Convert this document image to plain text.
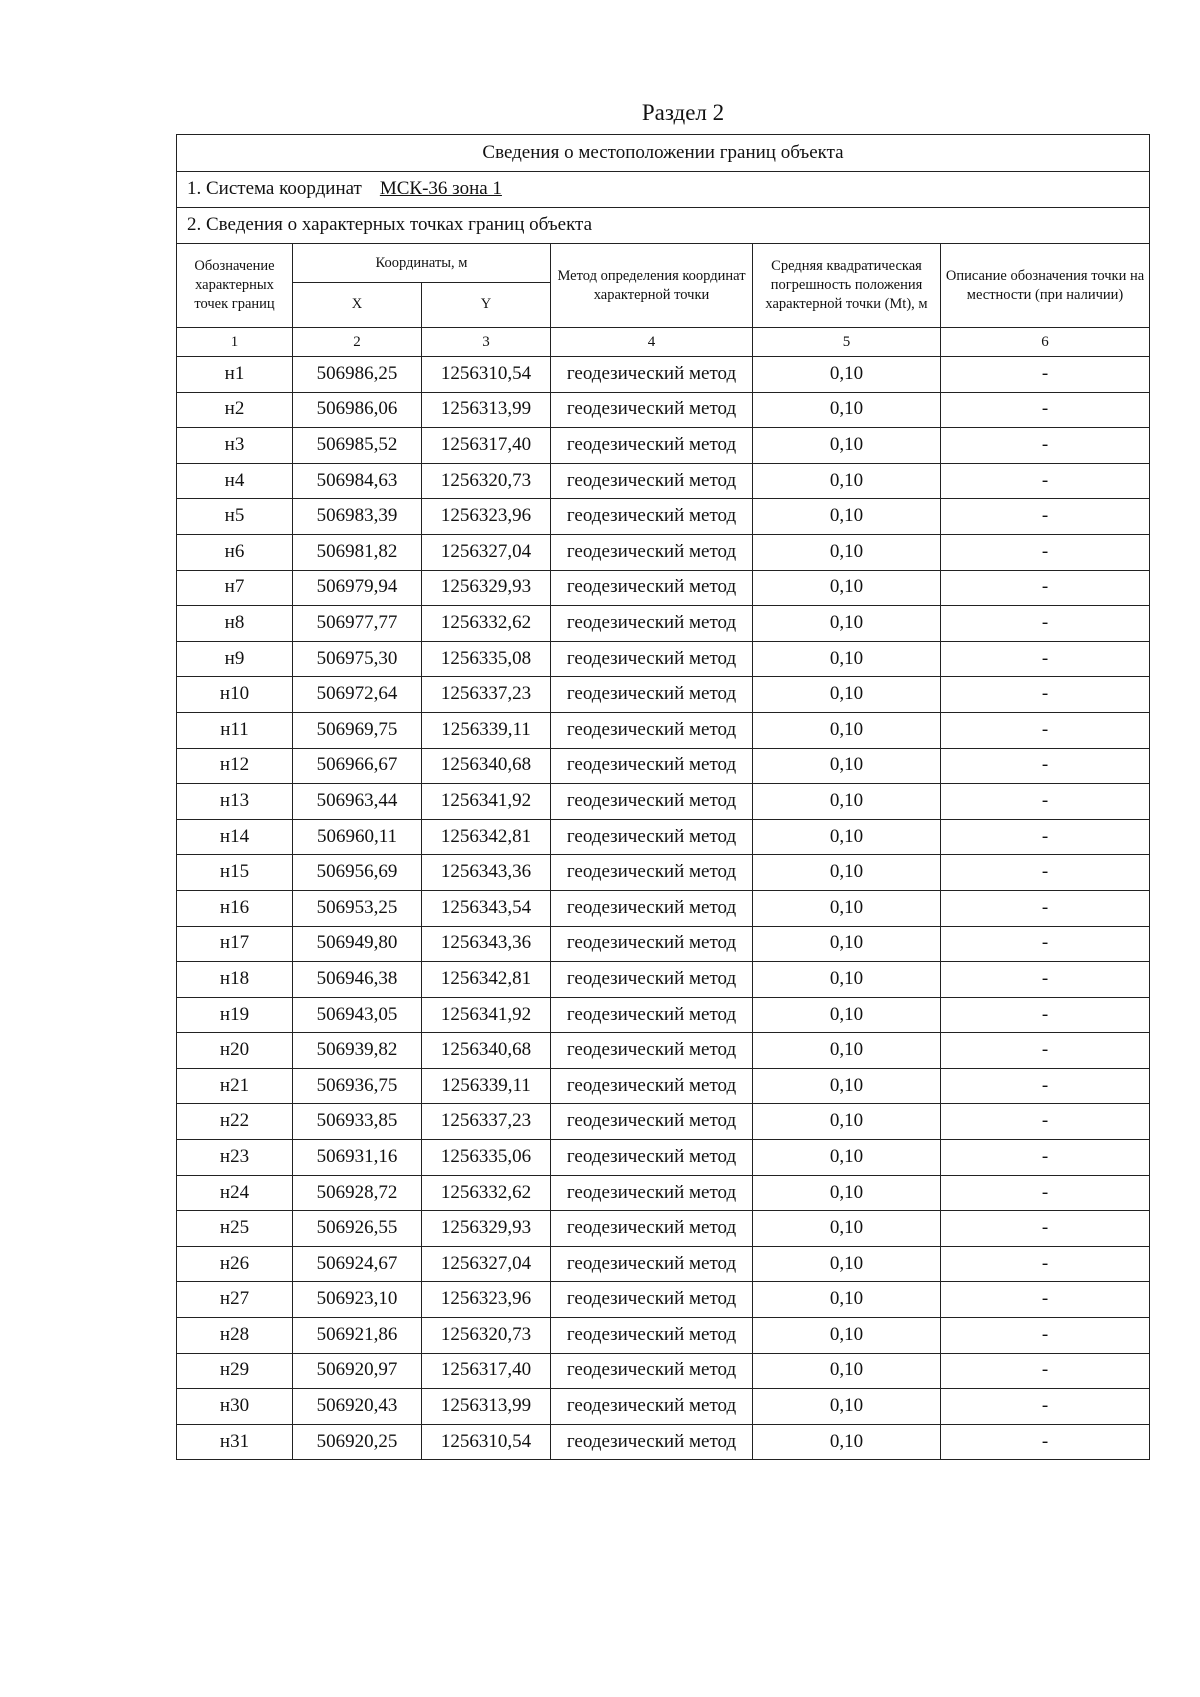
Раздел 2
Сведения о местоположении границ объекта					
1. Система координат МСК-36 зона 1					
2. Сведения о характерных точках границ объекта					
Обозначение характерных точек границ	Координаты, м		Метод определения координат характерной точки	Средняя квадратическая погрешность положения характерной точки (Mt), м	Описание обозначения точки на местности (при наличии)
	X	Y			
1	2	3	4	5	6
н1	506986,25	1256310,54	геодезический метод	0,10	-
н2	506986,06	1256313,99	геодезический метод	0,10	-
н3	506985,52	1256317,40	геодезический метод	0,10	-
н4	506984,63	1256320,73	геодезический метод	0,10	-
н5	506983,39	1256323,96	геодезический метод	0,10	-
н6	506981,82	1256327,04	геодезический метод	0,10	-
н7	506979,94	1256329,93	геодезический метод	0,10	-
н8	506977,77	1256332,62	геодезический метод	0,10	-
н9	506975,30	1256335,08	геодезический метод	0,10	-
н10	506972,64	1256337,23	геодезический метод	0,10	-
н11	506969,75	1256339,11	геодезический метод	0,10	-
н12	506966,67	1256340,68	геодезический метод	0,10	-
н13	506963,44	1256341,92	геодезический метод	0,10	-
н14	506960,11	1256342,81	геодезический метод	0,10	-
н15	506956,69	1256343,36	геодезический метод	0,10	-
н16	506953,25	1256343,54	геодезический метод	0,10	-
н17	506949,80	1256343,36	геодезический метод	0,10	-
н18	506946,38	1256342,81	геодезический метод	0,10	-
н19	506943,05	1256341,92	геодезический метод	0,10	-
н20	506939,82	1256340,68	геодезический метод	0,10	-
н21	506936,75	1256339,11	геодезический метод	0,10	-
н22	506933,85	1256337,23	геодезический метод	0,10	-
н23	506931,16	1256335,06	геодезический метод	0,10	-
н24	506928,72	1256332,62	геодезический метод	0,10	-
н25	506926,55	1256329,93	геодезический метод	0,10	-
н26	506924,67	1256327,04	геодезический метод	0,10	-
н27	506923,10	1256323,96	геодезический метод	0,10	-
н28	506921,86	1256320,73	геодезический метод	0,10	-
н29	506920,97	1256317,40	геодезический метод	0,10	-
н30	506920,43	1256313,99	геодезический метод	0,10	-
н31	506920,25	1256310,54	геодезический метод	0,10	-
